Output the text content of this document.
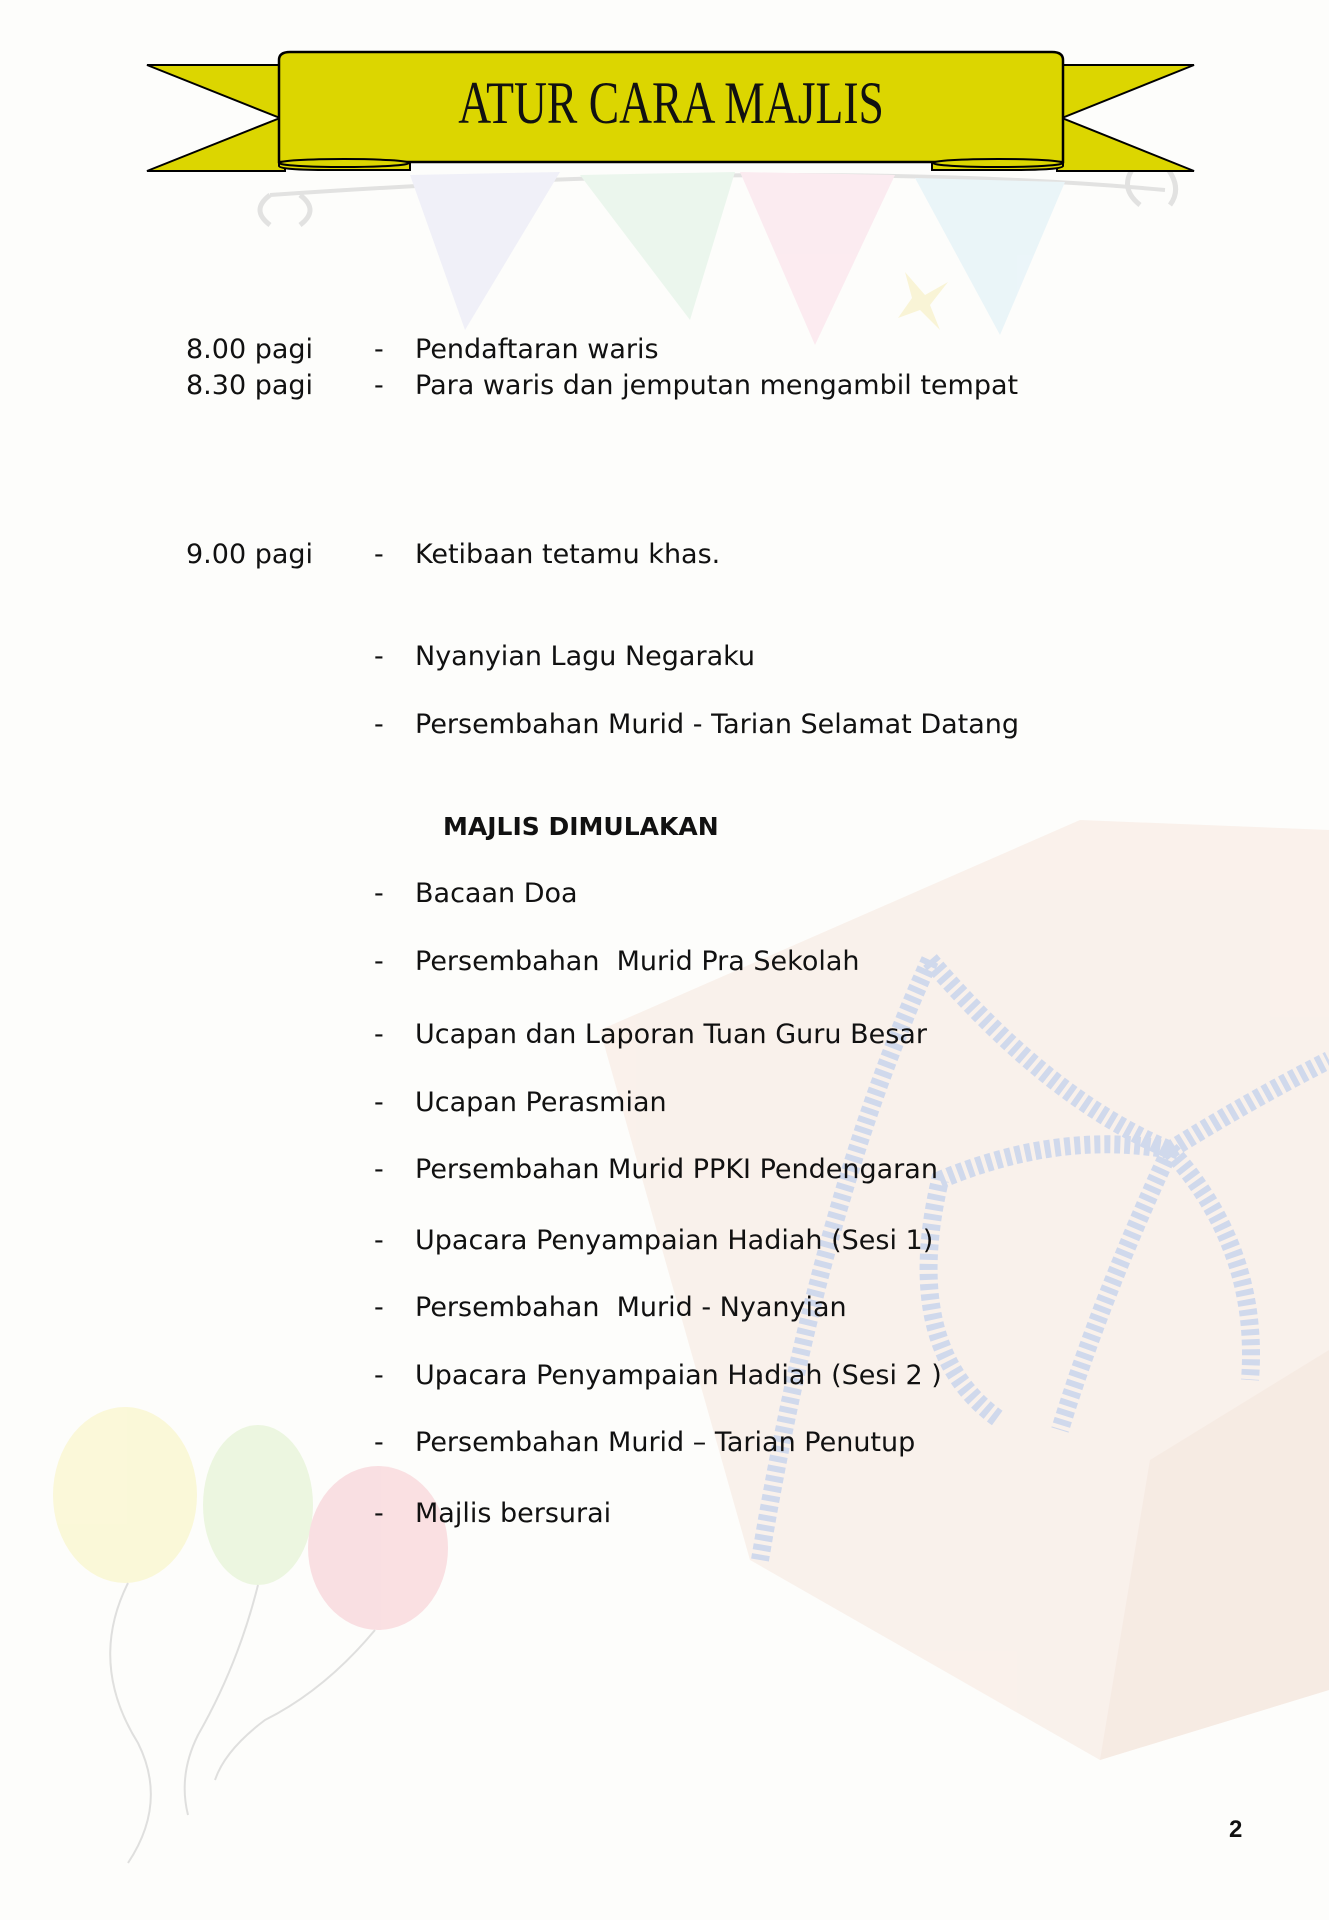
ATUR CARA MAJLIS
8.00 pagi - Pendaftaran waris
8.30 pagi - Para waris dan jemputan mengambil tempat
9.00 pagi - Ketibaan tetamu khas.
- Nyanyian Lagu Negaraku
- Persembahan Murid - Tarian Selamat Datang
MAJLIS DIMULAKAN
- Bacaan Doa
- Persembahan  Murid Pra Sekolah
- Ucapan dan Laporan Tuan Guru Besar
- Ucapan Perasmian
- Persembahan Murid PPKI Pendengaran
- Upacara Penyampaian Hadiah (Sesi 1)
- Persembahan  Murid - Nyanyian
- Upacara Penyampaian Hadiah (Sesi 2 )
- Persembahan Murid – Tarian Penutup
- Majlis bersurai
2
